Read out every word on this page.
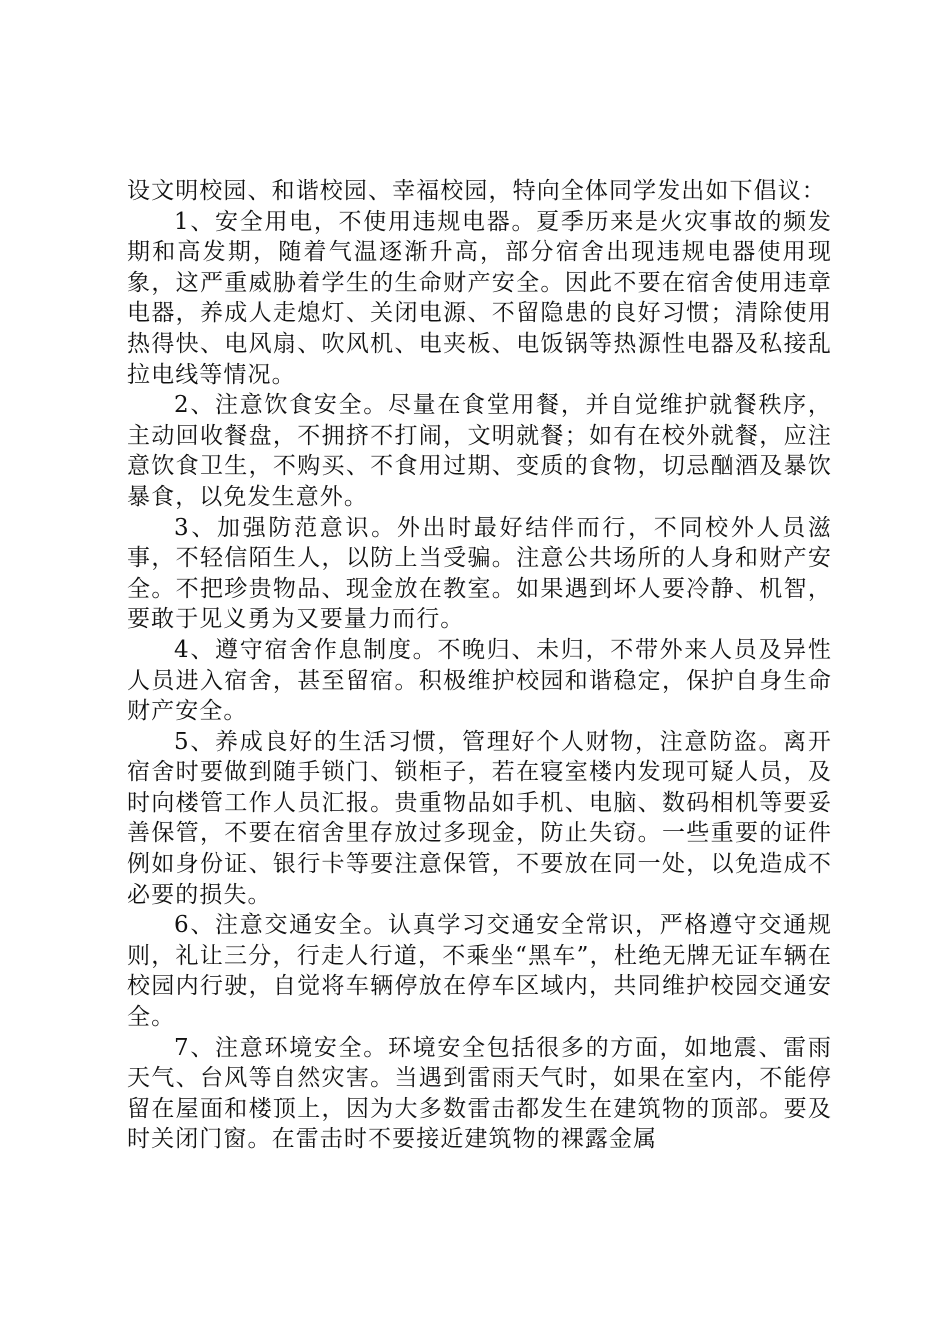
设文明校园、和谐校园、幸福校园，特向全体同学发出如下倡议：

1、安全用电，不使用违规电器。夏季历来是火灾事故的频发期和高发期，随着气温逐渐升高，部分宿舍出现违规电器使用现象，这严重威胁着学生的生命财产安全。因此不要在宿舍使用违章电器，养成人走熄灯、关闭电源、不留隐患的良好习惯；清除使用热得快、电风扇、吹风机、电夹板、电饭锅等热源性电器及私接乱拉电线等情况。

2、注意饮食安全。尽量在食堂用餐，并自觉维护就餐秩序，主动回收餐盘，不拥挤不打闹，文明就餐；如有在校外就餐，应注意饮食卫生，不购买、不食用过期、变质的食物，切忌酗酒及暴饮暴食，以免发生意外。

3、加强防范意识。外出时最好结伴而行，不同校外人员滋事，不轻信陌生人，以防上当受骗。注意公共场所的人身和财产安全。不把珍贵物品、现金放在教室。如果遇到坏人要冷静、机智，要敢于见义勇为又要量力而行。

4、遵守宿舍作息制度。不晚归、未归，不带外来人员及异性人员进入宿舍，甚至留宿。积极维护校园和谐稳定，保护自身生命财产安全。

5、养成良好的生活习惯，管理好个人财物，注意防盗。离开宿舍时要做到随手锁门、锁柜子，若在寝室楼内发现可疑人员，及时向楼管工作人员汇报。贵重物品如手机、电脑、数码相机等要妥善保管，不要在宿舍里存放过多现金，防止失窃。一些重要的证件例如身份证、银行卡等要注意保管，不要放在同一处，以免造成不必要的损失。

6、注意交通安全。认真学习交通安全常识，严格遵守交通规则，礼让三分，行走人行道，不乘坐“黑车”，杜绝无牌无证车辆在校园内行驶，自觉将车辆停放在停车区域内，共同维护校园交通安全。

7、注意环境安全。环境安全包括很多的方面，如地震、雷雨天气、台风等自然灾害。当遇到雷雨天气时，如果在室内，不能停留在屋面和楼顶上，因为大多数雷击都发生在建筑物的顶部。要及时关闭门窗。在雷击时不要接近建筑物的裸露金属
